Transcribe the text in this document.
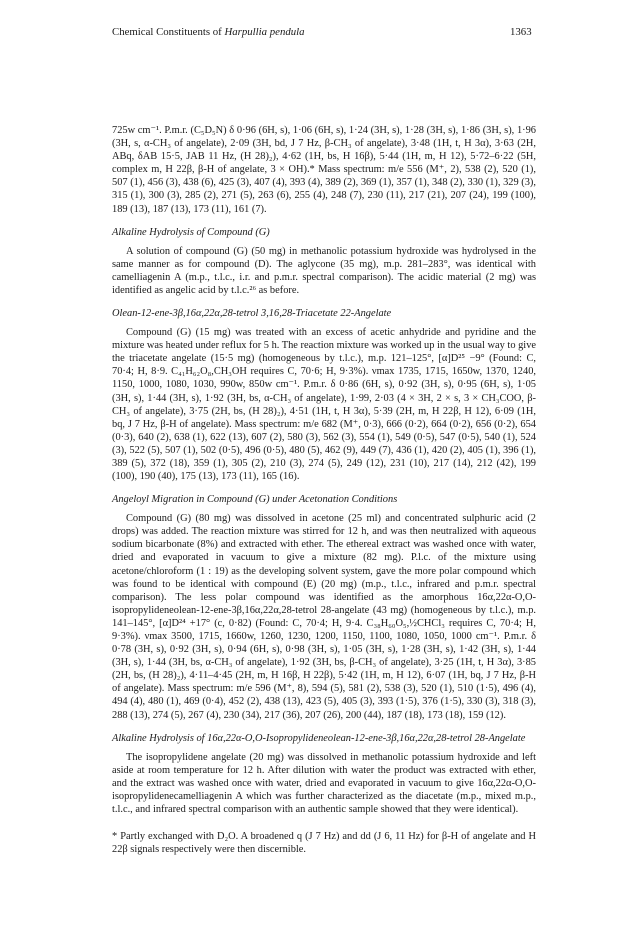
Chemical Constituents of Harpullia pendula	1363

725w cm⁻¹. P.m.r. (C₅D₅N) δ 0·96 (6H, s), 1·06 (6H, s), 1·24 (3H, s), 1·28 (3H, s), 1·86 (3H, s), 1·96 (3H, s, α-CH₃ of angelate), 2·09 (3H, bd, J 7 Hz, β-CH₃ of angelate), 3·48 (1H, t, H 3α), 3·63 (2H, ABq, δAB 15·5, JAB 11 Hz, (H 28)₂), 4·62 (1H, bs, H 16β), 5·44 (1H, m, H 12), 5·72–6·22 (5H, complex m, H 22β, β-H of angelate, 3 × OH).* Mass spectrum: m/e 556 (M⁺, 2), 538 (2), 520 (1), 507 (1), 456 (3), 438 (6), 425 (3), 407 (4), 393 (4), 389 (2), 369 (1), 357 (1), 348 (2), 330 (1), 329 (3), 315 (1), 300 (3), 285 (2), 271 (5), 263 (6), 255 (4), 248 (7), 230 (11), 217 (21), 207 (24), 199 (100), 189 (13), 187 (13), 173 (11), 161 (7).

Alkaline Hydrolysis of Compound (G)

A solution of compound (G) (50 mg) in methanolic potassium hydroxide was hydrolysed in the same manner as for compound (D). The aglycone (35 mg), m.p. 281–283°, was identical with camelliagenin A (m.p., t.l.c., i.r. and p.m.r. spectral comparison). The acidic material (2 mg) was identified as angelic acid by t.l.c.²⁶ as before.

Olean-12-ene-3β,16α,22α,28-tetrol 3,16,28-Triacetate 22-Angelate

Compound (G) (15 mg) was treated with an excess of acetic anhydride and pyridine and the mixture was heated under reflux for 5 h. The reaction mixture was worked up in the usual way to give the triacetate angelate (15·5 mg) (homogeneous by t.l.c.), m.p. 121–125°, [α]D²⁵ −9° (Found: C, 70·4; H, 8·9. C₄₁H₆₂O₈,CH₃OH requires C, 70·6; H, 9·3%). νmax 1735, 1715, 1650w, 1370, 1240, 1150, 1000, 1080, 1030, 990w, 850w cm⁻¹. P.m.r. δ 0·86 (6H, s), 0·92 (3H, s), 0·95 (6H, s), 1·05 (3H, s), 1·44 (3H, s), 1·92 (3H, bs, α-CH₃ of angelate), 1·99, 2·03 (4 × 3H, 2 × s, 3 × CH₃COO, β-CH₃ of angelate), 3·75 (2H, bs, (H 28)₂), 4·51 (1H, t, H 3α), 5·39 (2H, m, H 22β, H 12), 6·09 (1H, bq, J 7 Hz, β-H of angelate). Mass spectrum: m/e 682 (M⁺, 0·3), 666 (0·2), 664 (0·2), 656 (0·2), 654 (0·3), 640 (2), 638 (1), 622 (13), 607 (2), 580 (3), 562 (3), 554 (1), 549 (0·5), 547 (0·5), 540 (1), 524 (3), 522 (5), 507 (1), 502 (0·5), 496 (0·5), 480 (5), 462 (9), 449 (7), 436 (1), 420 (2), 405 (1), 396 (1), 389 (5), 372 (18), 359 (1), 305 (2), 210 (3), 274 (5), 249 (12), 231 (10), 217 (14), 212 (42), 199 (100), 190 (40), 175 (13), 173 (11), 165 (16).

Angeloyl Migration in Compound (G) under Acetonation Conditions

Compound (G) (80 mg) was dissolved in acetone (25 ml) and concentrated sulphuric acid (2 drops) was added. The reaction mixture was stirred for 12 h, and was then neutralized with aqueous sodium bicarbonate (8%) and extracted with ether. The ethereal extract was washed once with water, dried and evaporated in vacuum to give a mixture (82 mg). P.l.c. of the mixture using acetone/chloroform (1 : 19) as the developing solvent system, gave the more polar compound which was found to be identical with compound (E) (20 mg) (m.p., t.l.c., infrared and p.m.r. spectral comparison). The less polar compound was identified as the amorphous 16α,22α-O,O-isopropylideneolean-12-ene-3β,16α,22α,28-tetrol 28-angelate (43 mg) (homogeneous by t.l.c.), m.p. 141–145°, [α]D²⁴ +17° (c, 0·82) (Found: C, 70·4; H, 9·4. C₃₈H₆₀O₅,½CHCl₃ requires C, 70·4; H, 9·3%). νmax 3500, 1715, 1660w, 1260, 1230, 1200, 1150, 1100, 1080, 1050, 1000 cm⁻¹. P.m.r. δ 0·78 (3H, s), 0·92 (3H, s), 0·94 (6H, s), 0·98 (3H, s), 1·05 (3H, s), 1·28 (3H, s), 1·42 (3H, s), 1·44 (3H, s), 1·44 (3H, bs, α-CH₃ of angelate), 1·92 (3H, bs, β-CH₃ of angelate), 3·25 (1H, t, H 3α), 3·85 (2H, bs, (H 28)₂), 4·11–4·45 (2H, m, H 16β, H 22β), 5·42 (1H, m, H 12), 6·07 (1H, bq, J 7 Hz, β-H of angelate). Mass spectrum: m/e 596 (M⁺, 8), 594 (5), 581 (2), 538 (3), 520 (1), 510 (1·5), 496 (4), 494 (4), 480 (1), 469 (0·4), 452 (2), 438 (13), 423 (5), 405 (3), 393 (1·5), 376 (1·5), 330 (3), 318 (3), 288 (13), 274 (5), 267 (4), 230 (34), 217 (36), 207 (26), 200 (44), 187 (18), 173 (18), 159 (12).

Alkaline Hydrolysis of 16α,22α-O,O-Isopropylideneolean-12-ene-3β,16α,22α,28-tetrol 28-Angelate

The isopropylidene angelate (20 mg) was dissolved in methanolic potassium hydroxide and left aside at room temperature for 12 h. After dilution with water the product was extracted with ether, and the extract was washed once with water, dried and evaporated in vacuum to give 16α,22α-O,O-isopropylidenecamelliagenin A which was further characterized as the diacetate (m.p., mixed m.p., t.l.c., and infrared spectral comparison with an authentic sample showed that they were identical).

* Partly exchanged with D₂O. A broadened q (J 7 Hz) and dd (J 6, 11 Hz) for β-H of angelate and H 22β signals respectively were then discernible.
